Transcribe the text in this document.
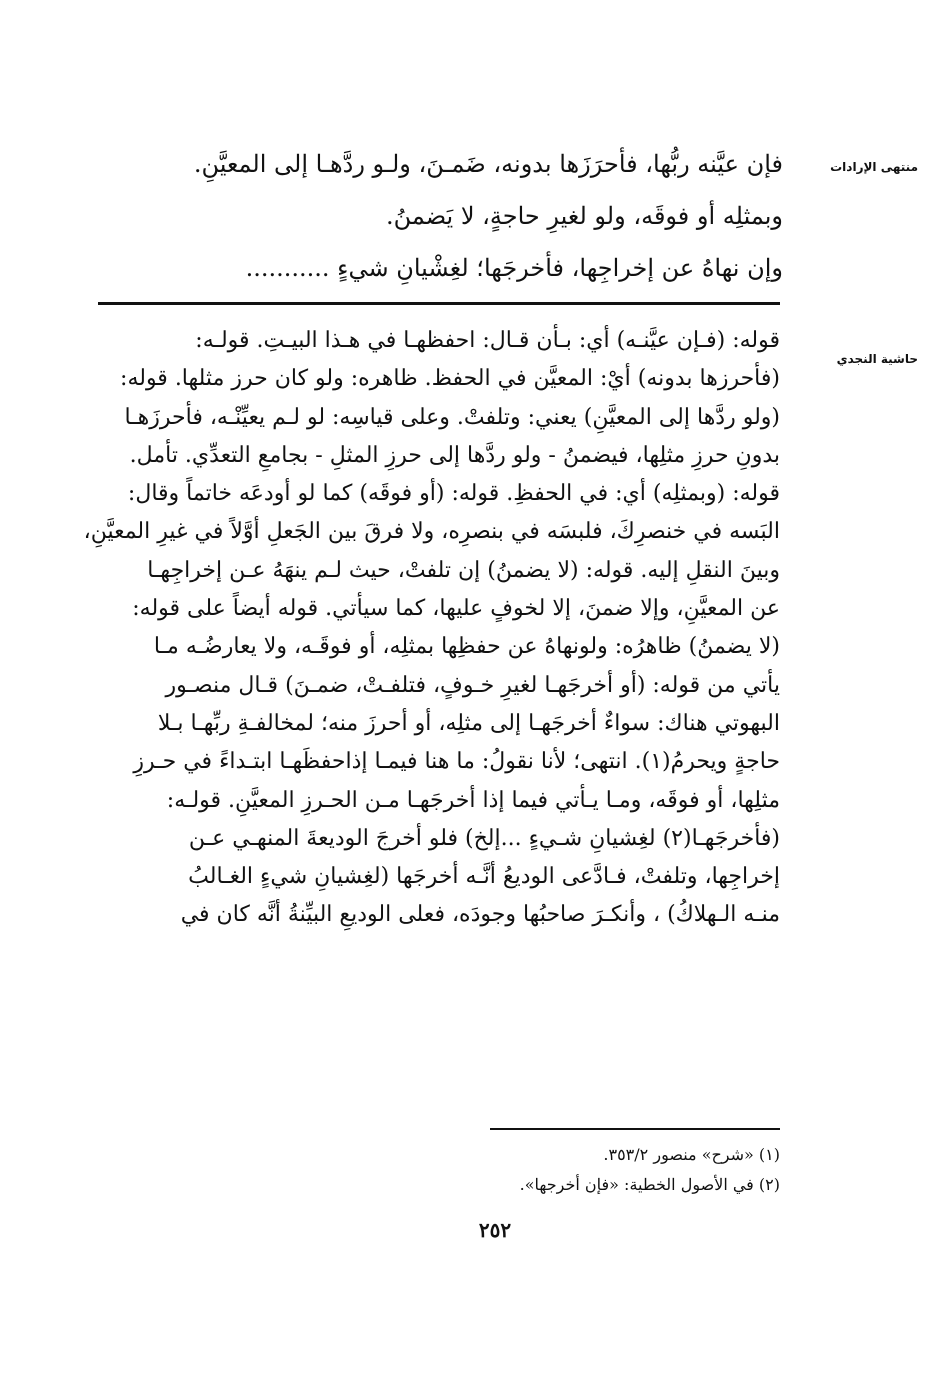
منتهى الإرادات
حاشية النجدي

فإن عيَّنه ربُّها، فأحرَزَها بدونه، ضَمـنَ، ولـو ردَّهـا إلى المعيَّنِ.

وبمثلِه أو فوقَه، ولو لغيرِ حاجةٍ، لا يَضمنُ.

وإن نهاهُ عن إخراجِها، فأخرجَها؛ لغِشْيانِ شيءٍ ...........

قوله: (فـإن عيَّنـه) أي: بـأن قـال: احفظهـا في هـذا البيـتِ. قولـه:

(فأحرزها بدونه) أيْ: المعيَّن في الحفظ. ظاهره: ولو كان حرز مثلها. قوله:

(ولو ردَّها إلى المعيَّنِ) يعني: وتلفتْ. وعلى قياسِه: لو لـم يعيِّنْـه، فأحرزَهـا

بدونِ حرزِ مثلِها، فيضمنُ - ولو ردَّها إلى حرزِ المثلِ - بجامعِ التعدِّي. تأمل.

قوله: (وبمثلِه) أي: في الحفظِ. قوله: (أو فوقَه) كما لو أودعَه خاتماً وقال:

البَسه في خنصرِكَ، فلبسَه في بنصرِه، ولا فرقَ بين الجَعلِ أوَّلاً في غيرِ المعيَّنِ،

وبينَ النقلِ إليه. قوله: (لا يضمنُ) إن تلفتْ، حيث لـم ينهَهُ عـن إخراجِهـا

عن المعيَّنِ، وإلا ضمنَ، إلا لخوفٍ عليها، كما سيأتي. قوله أيضاً على قوله:

(لا يضمنُ) ظاهرُه: ولونهاهُ عن حفظِها بمثلِه، أو فوقَـه، ولا يعارضُـه مـا

يأتي من قوله: (أو أخرجَهـا لغيرِ خـوفٍ، فتلفـتْ، ضمـنَ) قـال منصـور

البهوتي هناك: سواءٌ أخرجَهـا إلى مثلِه، أو أحرزَ منه؛ لمخالفـةِ ربِّهـا بـلا

حاجةٍ ويحرمُ(١). انتهى؛ لأنا نقولُ: ما هنا فيمـا إذاحفظَهـا ابتـداءً في حـرزِ

مثلِها، أو فوقَه، ومـا يـأتي فيما إذا أخرجَهـا مـن الحـرزِ المعيَّنِ. قولـه:

(فأخرجَهـا(٢) لغِشيانِ شـيءٍ ...إلخ) فلو أخرجَ الوديعةَ المنهـي عـن

إخراجِها، وتلفتْ، فـادَّعى الوديعُ أنَّـه أخرجَها (لغِشيانِ شيءٍ الغـالبُ

منـه الـهلاكُ) ، وأنكـرَ صاحبُها وجودَه، فعلى الوديعِ البيِّنةُ أنَّه كان في

(١) «شرح» منصور ٣٥٣/٢.

(٢) في الأصول الخطية: «فإن أخرجها».

٢٥٢
